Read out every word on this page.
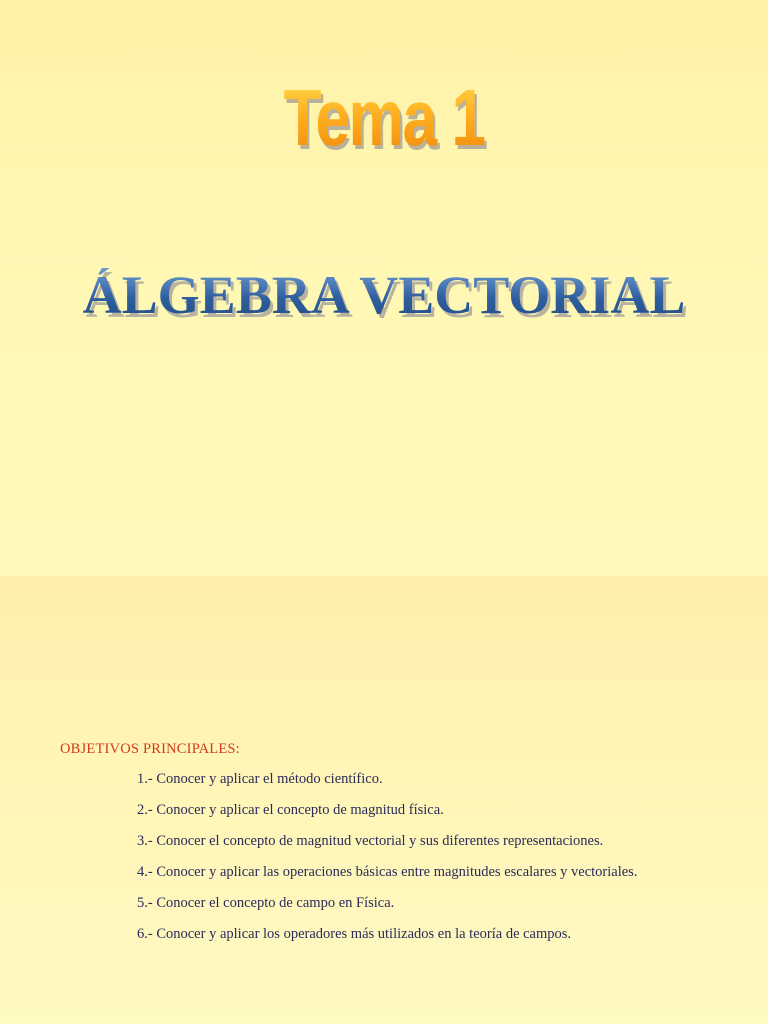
Tema 1
ÁLGEBRA VECTORIAL
OBJETIVOS PRINCIPALES:
1.- Conocer y aplicar el método científico.
2.- Conocer y aplicar el concepto de magnitud física.
3.- Conocer el concepto de magnitud vectorial y sus diferentes representaciones.
4.- Conocer y aplicar las operaciones básicas entre magnitudes escalares y vectoriales.
5.- Conocer el concepto de campo en Física.
6.- Conocer y aplicar los operadores más utilizados en la teoría de campos.
